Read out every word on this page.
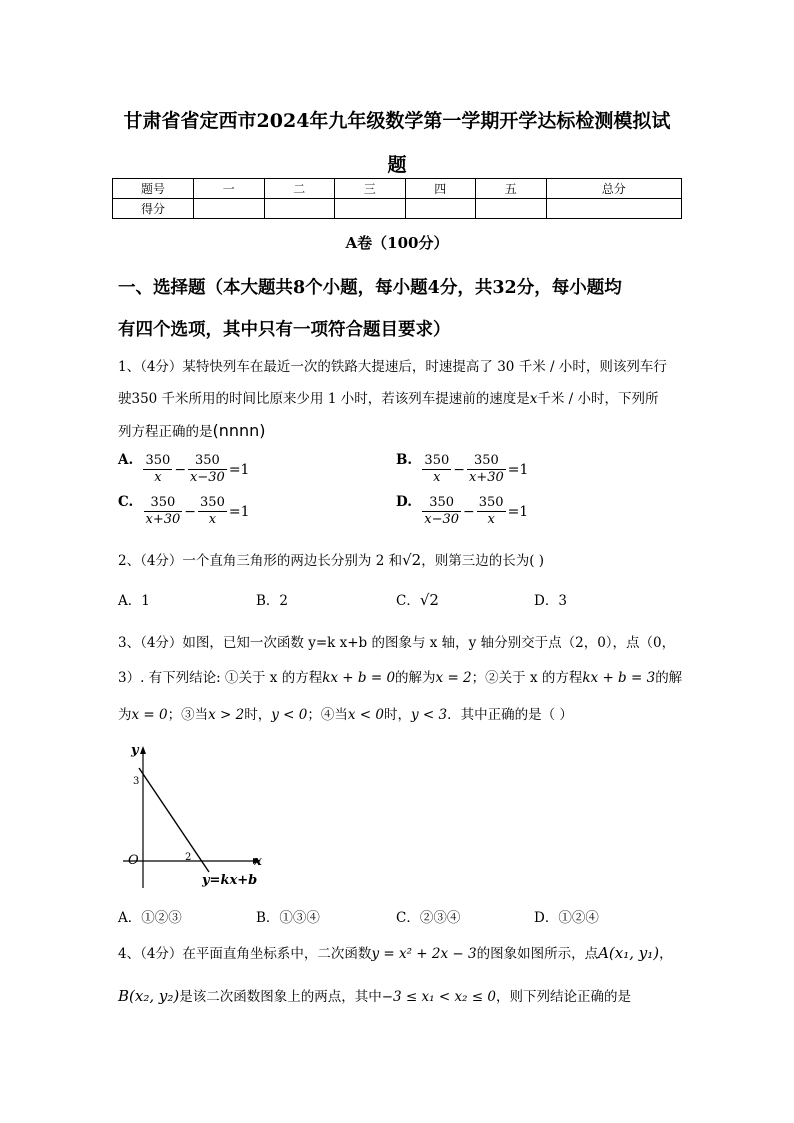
甘肃省省定西市2024年九年级数学第一学期开学达标检测模拟试
题
题号	一	二	三	四	五	总分
得分						
A卷（100分）
一、选择题（本大题共8个小题，每小题4分，共32分，每小题均
有四个选项，其中只有一项符合题目要求）
1、（4分）某特快列车在最近一次的铁路大提速后，时速提高了 30 千米 / 小时，则该列车行
驶350 千米所用的时间比原来少用 1 小时，若该列车提速前的速度是x千米 / 小时，下列所
列方程正确的是(nnnn)
A. $\frac{350}{x} - \frac{350}{x-30} =1$
B. $\frac{350}{x} - \frac{350}{x+30} =1$
C. $\frac{350}{x+30} - \frac{350}{x} =1$
D. $\frac{350}{x-30} - \frac{350}{x} =1$
2、（4分）一个直角三角形的两边长分别为 2 和√2，则第三边的长为( )
A．1	B．2	C．√2	D．3
3、（4分）如图，已知一次函数 y=k x+b 的图象与 x 轴，y 轴分别交于点（2，0），点（0，
3）. 有下列结论: ①关于 x 的方程kx + b = 0的解为x = 2；②关于 x 的方程kx + b = 3的解
为x = 0；③当x > 2时，y < 0；④当x < 0时，y < 3．其中正确的是（ ）
y
x
O
3
2
y=kx+b
A．①②③	B．①③④	C．②③④	D．①②④
4、（4分）在平面直角坐标系中，二次函数y = x² + 2x − 3的图象如图所示，点A(x₁, y₁)，
B(x₂, y₂)是该二次函数图象上的两点，其中−3 ≤ x₁ < x₂ ≤ 0，则下列结论正确的是
